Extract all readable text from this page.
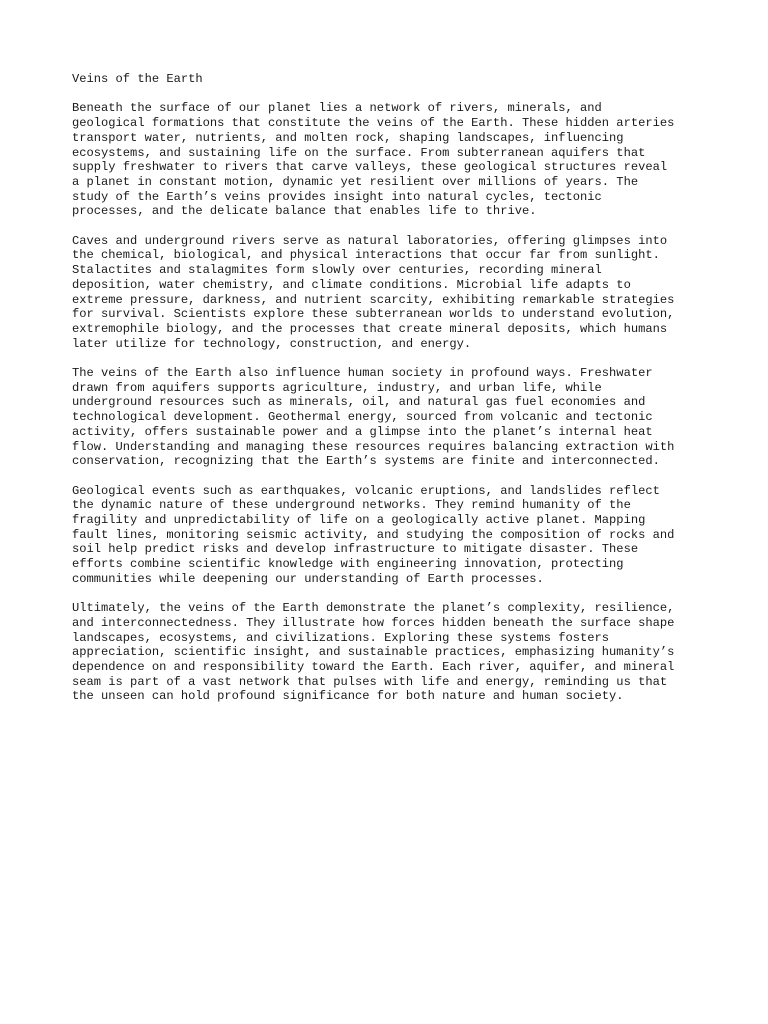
Veins of the Earth

Beneath the surface of our planet lies a network of rivers, minerals, and
geological formations that constitute the veins of the Earth. These hidden arteries
transport water, nutrients, and molten rock, shaping landscapes, influencing
ecosystems, and sustaining life on the surface. From subterranean aquifers that
supply freshwater to rivers that carve valleys, these geological structures reveal
a planet in constant motion, dynamic yet resilient over millions of years. The
study of the Earth’s veins provides insight into natural cycles, tectonic
processes, and the delicate balance that enables life to thrive.

Caves and underground rivers serve as natural laboratories, offering glimpses into
the chemical, biological, and physical interactions that occur far from sunlight.
Stalactites and stalagmites form slowly over centuries, recording mineral
deposition, water chemistry, and climate conditions. Microbial life adapts to
extreme pressure, darkness, and nutrient scarcity, exhibiting remarkable strategies
for survival. Scientists explore these subterranean worlds to understand evolution,
extremophile biology, and the processes that create mineral deposits, which humans
later utilize for technology, construction, and energy.

The veins of the Earth also influence human society in profound ways. Freshwater
drawn from aquifers supports agriculture, industry, and urban life, while
underground resources such as minerals, oil, and natural gas fuel economies and
technological development. Geothermal energy, sourced from volcanic and tectonic
activity, offers sustainable power and a glimpse into the planet’s internal heat
flow. Understanding and managing these resources requires balancing extraction with
conservation, recognizing that the Earth’s systems are finite and interconnected.

Geological events such as earthquakes, volcanic eruptions, and landslides reflect
the dynamic nature of these underground networks. They remind humanity of the
fragility and unpredictability of life on a geologically active planet. Mapping
fault lines, monitoring seismic activity, and studying the composition of rocks and
soil help predict risks and develop infrastructure to mitigate disaster. These
efforts combine scientific knowledge with engineering innovation, protecting
communities while deepening our understanding of Earth processes.

Ultimately, the veins of the Earth demonstrate the planet’s complexity, resilience,
and interconnectedness. They illustrate how forces hidden beneath the surface shape
landscapes, ecosystems, and civilizations. Exploring these systems fosters
appreciation, scientific insight, and sustainable practices, emphasizing humanity’s
dependence on and responsibility toward the Earth. Each river, aquifer, and mineral
seam is part of a vast network that pulses with life and energy, reminding us that
the unseen can hold profound significance for both nature and human society.
